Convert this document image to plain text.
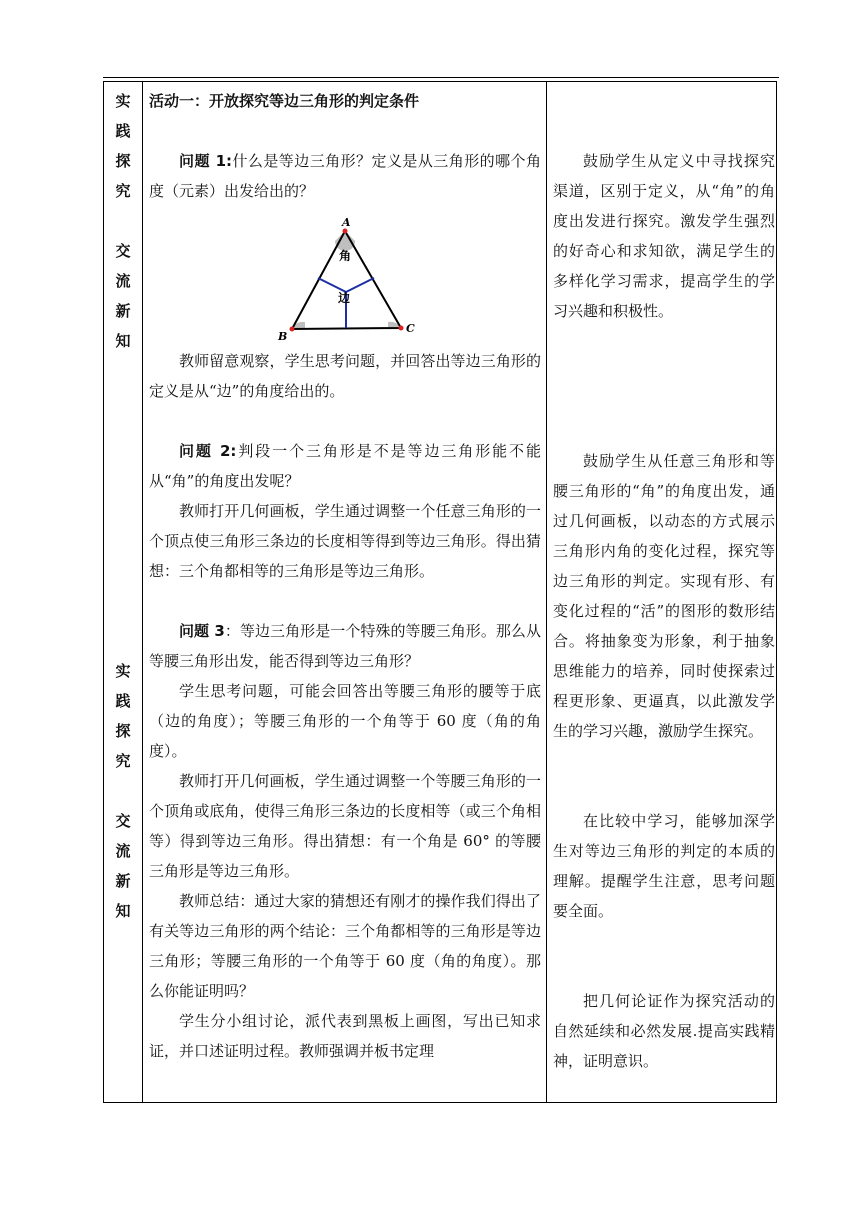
实
践
探
究
交
流
新
知
实
践
探
究
交
流
新
知

活动一：开放探究等边三角形的判定条件

问题 1:什么是等边三角形？定义是从三角形的哪个角度（元素）出发给出的？

教师留意观察，学生思考问题，并回答出等边三角形的定义是从“边”的角度给出的。

问题 2:判段一个三角形是不是等边三角形能不能从“角”的角度出发呢？

教师打开几何画板，学生通过调整一个任意三角形的一个顶点使三角形三条边的长度相等得到等边三角形。得出猜想：三个角都相等的三角形是等边三角形。

问题 3：等边三角形是一个特殊的等腰三角形。那么从等腰三角形出发，能否得到等边三角形？

学生思考问题，可能会回答出等腰三角形的腰等于底（边的角度）；等腰三角形的一个角等于 60 度（角的角度）。

教师打开几何画板，学生通过调整一个等腰三角形的一个顶角或底角，使得三角形三条边的长度相等（或三个角相等）得到等边三角形。得出猜想：有一个角是 60° 的等腰三角形是等边三角形。

教师总结：通过大家的猜想还有刚才的操作我们得出了有关等边三角形的两个结论：三个角都相等的三角形是等边三角形；等腰三角形的一个角等于 60 度（角的角度）。那么你能证明吗？

学生分小组讨论，派代表到黑板上画图，写出已知求证，并口述证明过程。教师强调并板书定理

鼓励学生从定义中寻找探究渠道，区别于定义，从“角”的角度出发进行探究。激发学生强烈的好奇心和求知欲，满足学生的多样化学习需求，提高学生的学习兴趣和积极性。

鼓励学生从任意三角形和等腰三角形的“角”的角度出发，通过几何画板，以动态的方式展示三角形内角的变化过程，探究等边三角形的判定。实现有形、有变化过程的“活”的图形的数形结合。将抽象变为形象，利于抽象思维能力的培养，同时使探索过程更形象、更逼真，以此激发学生的学习兴趣，激励学生探究。

在比较中学习，能够加深学生对等边三角形的判定的本质的理解。提醒学生注意，思考问题要全面。

把几何论证作为探究活动的自然延续和必然发展.提高实践精神，证明意识。

A
B
C
角
边
